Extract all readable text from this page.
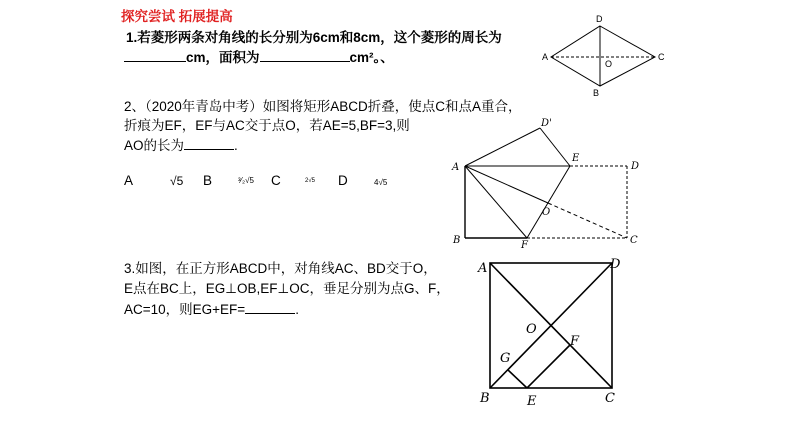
探究尝试 拓展提高
1.若菱形两条对角线的长分别为6cm和8cm，这个菱形的周长为
cm，面积为	cm²。、
2、（2020年青岛中考）如图将矩形ABCD折叠，使点C和点A重合，
折痕为EF，EF与AC交于点O，若AE=5,BF=3,则
AO的长为	.
A	√5 B	³⁄₂√5 C	2√5 D	4√5
3.如图，在正方形ABCD中，对角线AC、BD交于O，
E点在BC上，EG⊥OB,EF⊥OC，垂足分别为点G、F，
AC=10，则EG+EF=	.
D
A
O
C
B
A
D'
E
D
O
B	F	C
A	D
O
G
F
B	E	C
